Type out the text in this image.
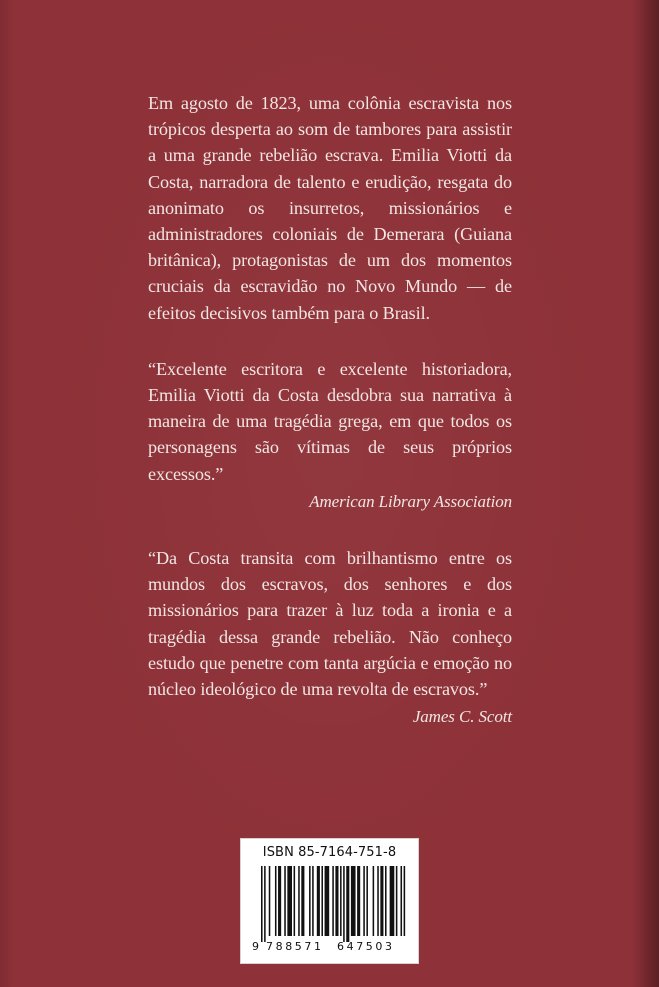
Em agosto de 1823, uma colônia escravista nos trópicos desperta ao som de tambores para assistir a uma grande rebelião escrava. Emilia Viotti da Costa, narradora de talento e erudição, resgata do anonimato os insurretos, missionários e administradores coloniais de Demerara (Guiana britânica), protagonistas de um dos momentos cruciais da escravidão no Novo Mundo — de efeitos decisivos também para o Brasil.

“Excelente escritora e excelente historiadora, Emilia Viotti da Costa desdobra sua narrativa à maneira de uma tragédia grega, em que todos os personagens são vítimas de seus próprios excessos.”

American Library Association

“Da Costa transita com brilhantismo entre os mundos dos escravos, dos senhores e dos missionários para trazer à luz toda a ironia e a tragédia dessa grande rebelião. Não conheço estudo que penetre com tanta argúcia e emoção no núcleo ideológico de uma revolta de escravos.”

James C. Scott

ISBN 85-7164-751-8
9 788571 647503
